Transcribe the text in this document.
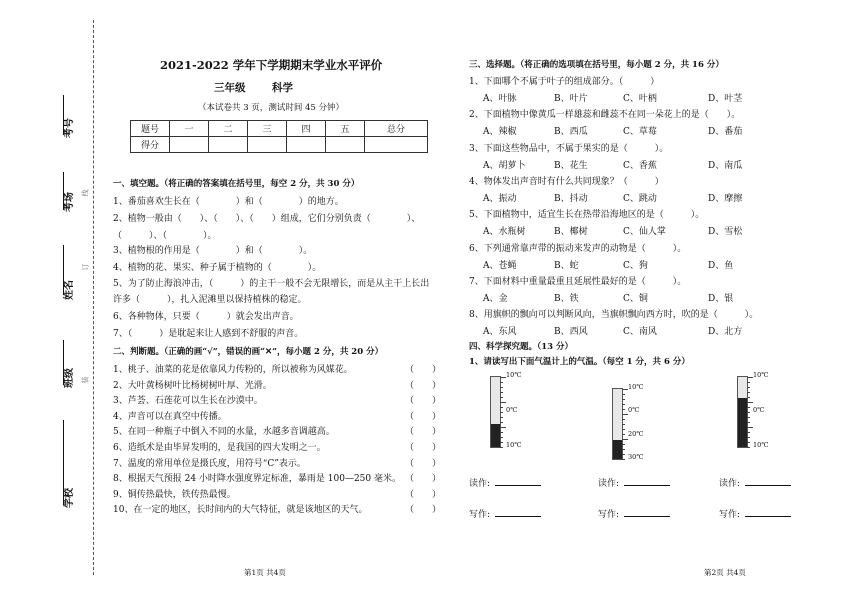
考号
考场
姓名
班级
学校
线
订
装
2021-2022 学年下学期期末学业水平评价
三年级	科学
（本试卷共 3 页，测试时间 45 分钟）
题号	一	二	三	四	五	总分
得分						
一、填空题。（将正确的答案填在括号里，每空 2 分，共 30 分）
1、番茄喜欢生长在（　　　　）和（　　　　）的地方。
2、植物一般由（　　）、（　　）、（　　）组成，它们分别负责（　　　　）、
（　　　）、（　　　　）。
3、植物根的作用是（　　　　）和（　　　　）。
4、植物的花、果实、种子属于植物的（　　　　）。
5、为了防止海浪冲击，（　　　）的主干一般不会无限增长，而是从主干上长出
许多（　　　），扎入泥滩里以保持植株的稳定。
6、各种物体，只要（　　　）就会发出声音。
7、（　　　）是耽起来让人感到不舒服的声音。
二、判断题。（正确的画“√”，错误的画“✕”，每小题 2 分，共 20 分）
1、桃子、油菜的花是依靠风力传粉的，所以被称为风媒花。	（　　）
2、大叶黄杨树叶比杨树树叶厚、光滑。	（　　）
3、芦荟、石莲花可以生长在沙漠中。	（　　）
4、声音可以在真空中传播。	（　　）
5、在同一种瓶子中倒入不同的水量，水越多音调越高。	（　　）
6、造纸术是由毕昇发明的，是我国的四大发明之一。	（　　）
7、温度的常用单位是摄氏度，用符号“C”表示。	（　　）
8、根据天气预报 24 小时降水强度界定标准，暴雨是 100—250 毫米。 （　　）
9、铜传热最快，铁传热最慢。	（　　）
10、在一定的地区，长时间内的大气特征，就是该地区的天气。	（　　）
三、选择题。（将正确的选项填在括号里，每小题 2 分，共 16 分）
1、下面哪个不属于叶子的组成部分。（　　　）
A、叶脉	B、叶片	C、叶柄	D、叶茎
2、下面植物中像黄瓜一样雄蕊和雌蕊不在同一朵花上的是（　　）。
A、辣椒	B、西瓜	C、草莓	D、番茄
3、下面这些物品中，不属于果实的是（　　　）。
A、胡萝卜	B、花生	C、香蕉	D、南瓜
4、物体发出声音时有什么共同现象？（　　　）
A、振动	B、抖动	C、跳动	D、摩擦
5、下面植物中，适宜生长在热带沿海地区的是（　　　）。
A、水瓶树	B、椰树	C、仙人掌	D、雪松
6、下列通常靠声带的振动来发声的动物是（　　　）。
A、苍蝇	B、蛇	C、狗	D、鱼
7、下面材料中重量最重且延展性最好的是（　　　）。
A、金	B、铁	C、铜	D、银
8、用旗帜的飘向可以判断风向，当旗帜飘向西方时，吹的是（　　　）。
A、东风	B、西风	C、南风	D、北方
四、科学探究题。（13 分）
1、请读写出下面气温计上的气温。（每空 1 分，共 6 分）
10℃
0℃
10℃
读作:
写作:
10℃
0℃
20℃
30℃
读作:
写作:
10℃
0℃
10℃
读作:
写作:
第1页 共4页	第2页 共4页
